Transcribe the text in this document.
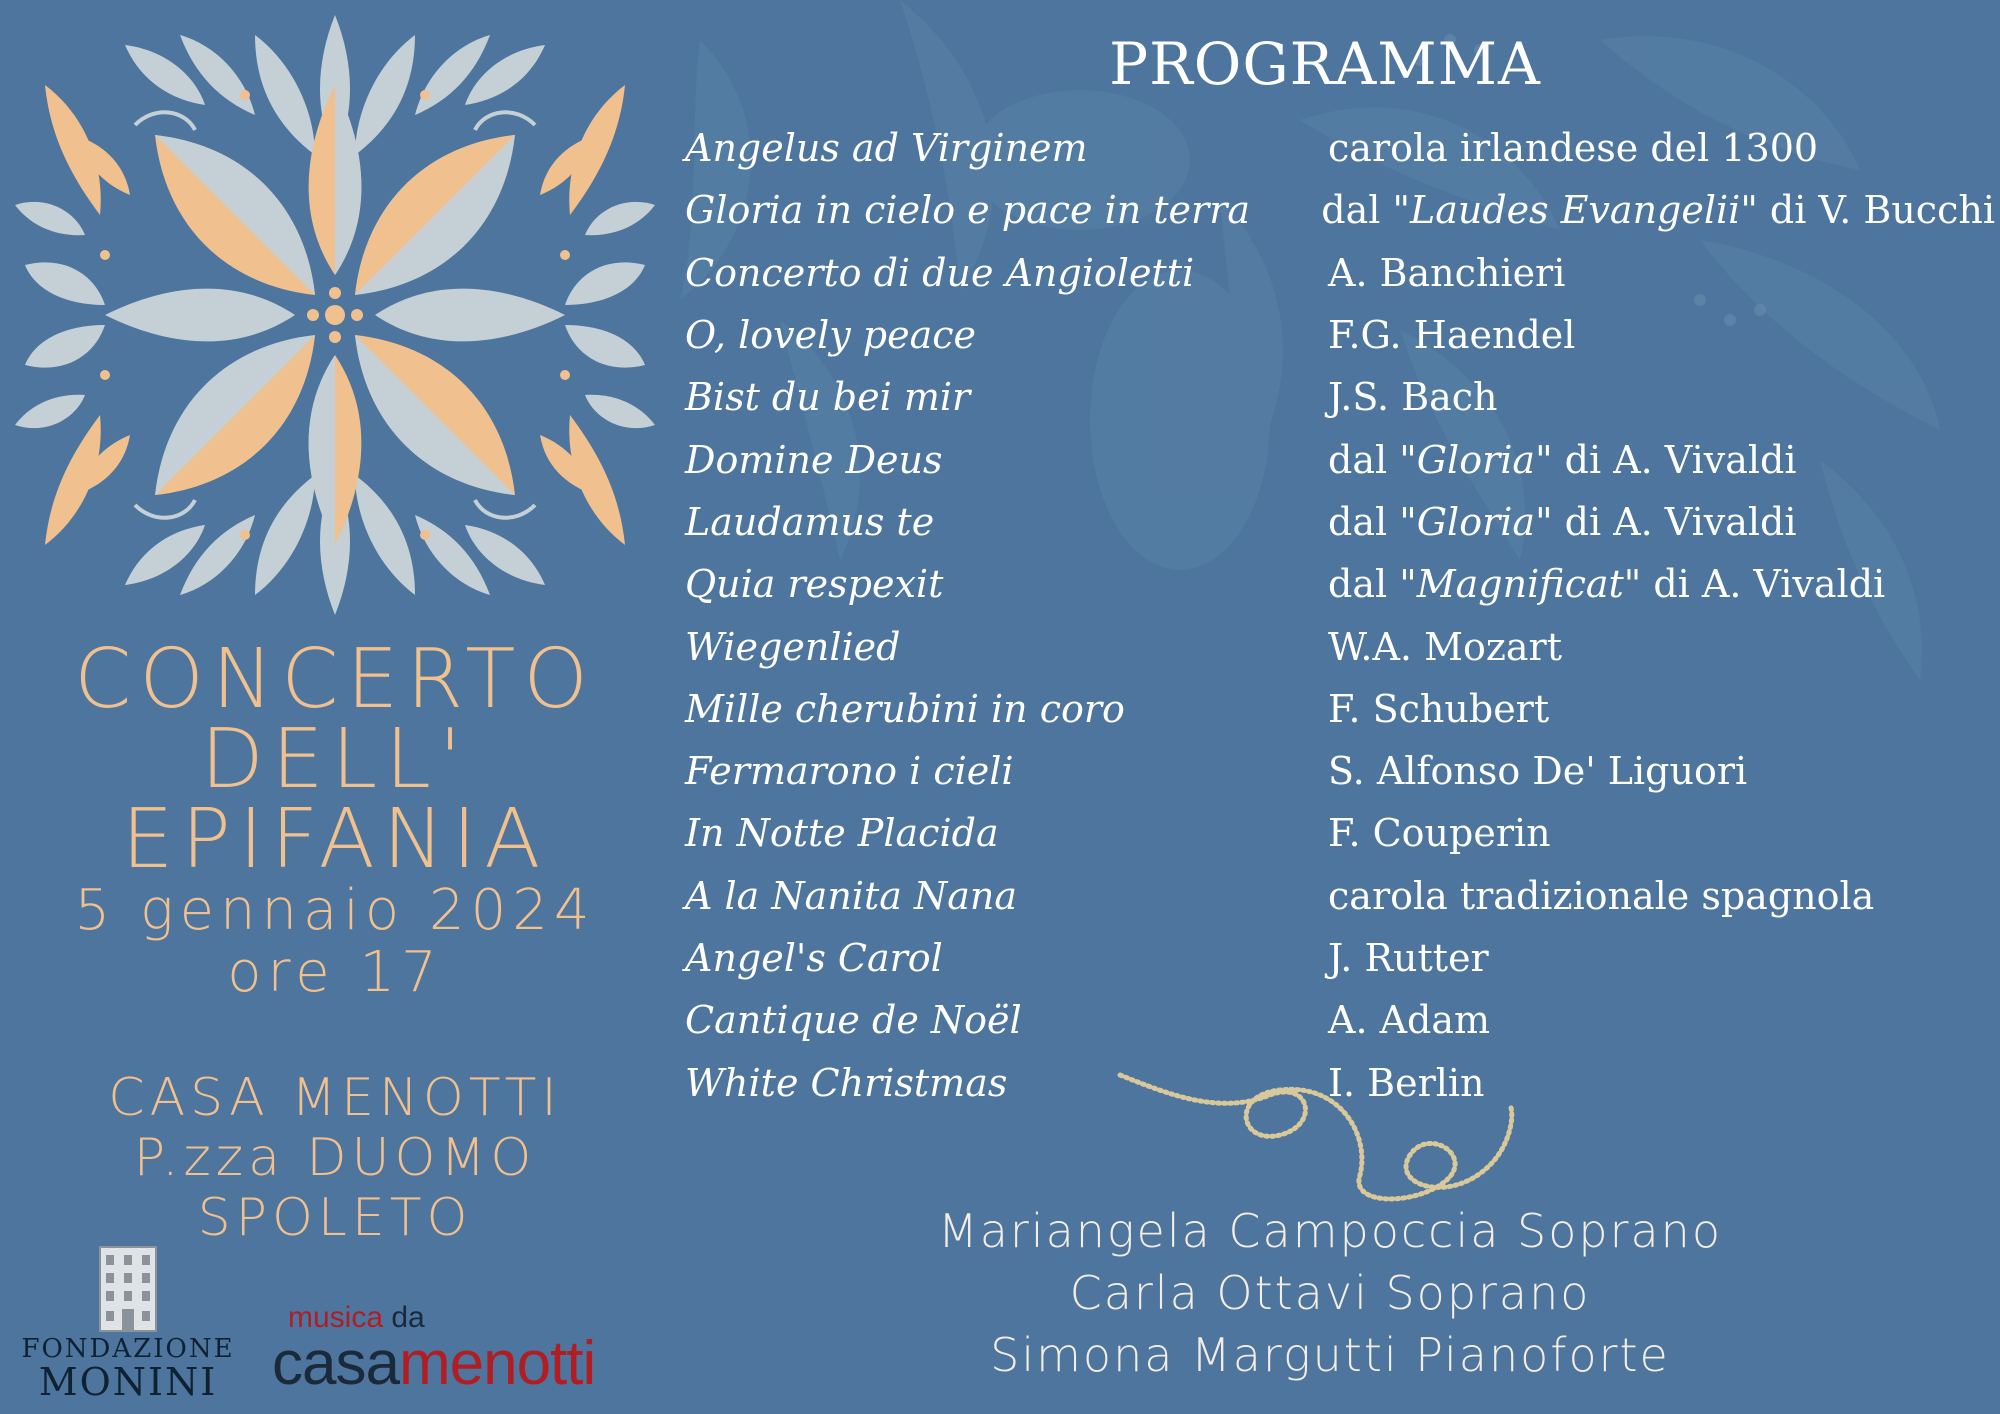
CONCERTO
DELL'
EPIFANIA
5 gennaio 2024
ore 17
CASA MENOTTI
P.zza DUOMO
SPOLETO
PROGRAMMA
Angelus ad Virginem	carola irlandese del 1300
Gloria in cielo e pace in terra	dal "Laudes Evangelii" di V. Bucchi
Concerto di due Angioletti	A. Banchieri
O, lovely peace	F.G. Haendel
Bist du bei mir	J.S. Bach
Domine Deus	dal "Gloria" di A. Vivaldi
Laudamus te	dal "Gloria" di A. Vivaldi
Quia respexit	dal "Magnificat" di A. Vivaldi
Wiegenlied	W.A. Mozart
Mille cherubini in coro	F. Schubert
Fermarono i cieli	S. Alfonso De' Liguori
In Notte Placida	F. Couperin
A la Nanita Nana	carola tradizionale spagnola
Angel's Carol	J. Rutter
Cantique de Noël	A. Adam
White Christmas	I. Berlin
Mariangela Campoccia Soprano
Carla Ottavi Soprano
Simona Margutti Pianoforte
FONDAZIONE
MONINI
musica da
casamenotti
